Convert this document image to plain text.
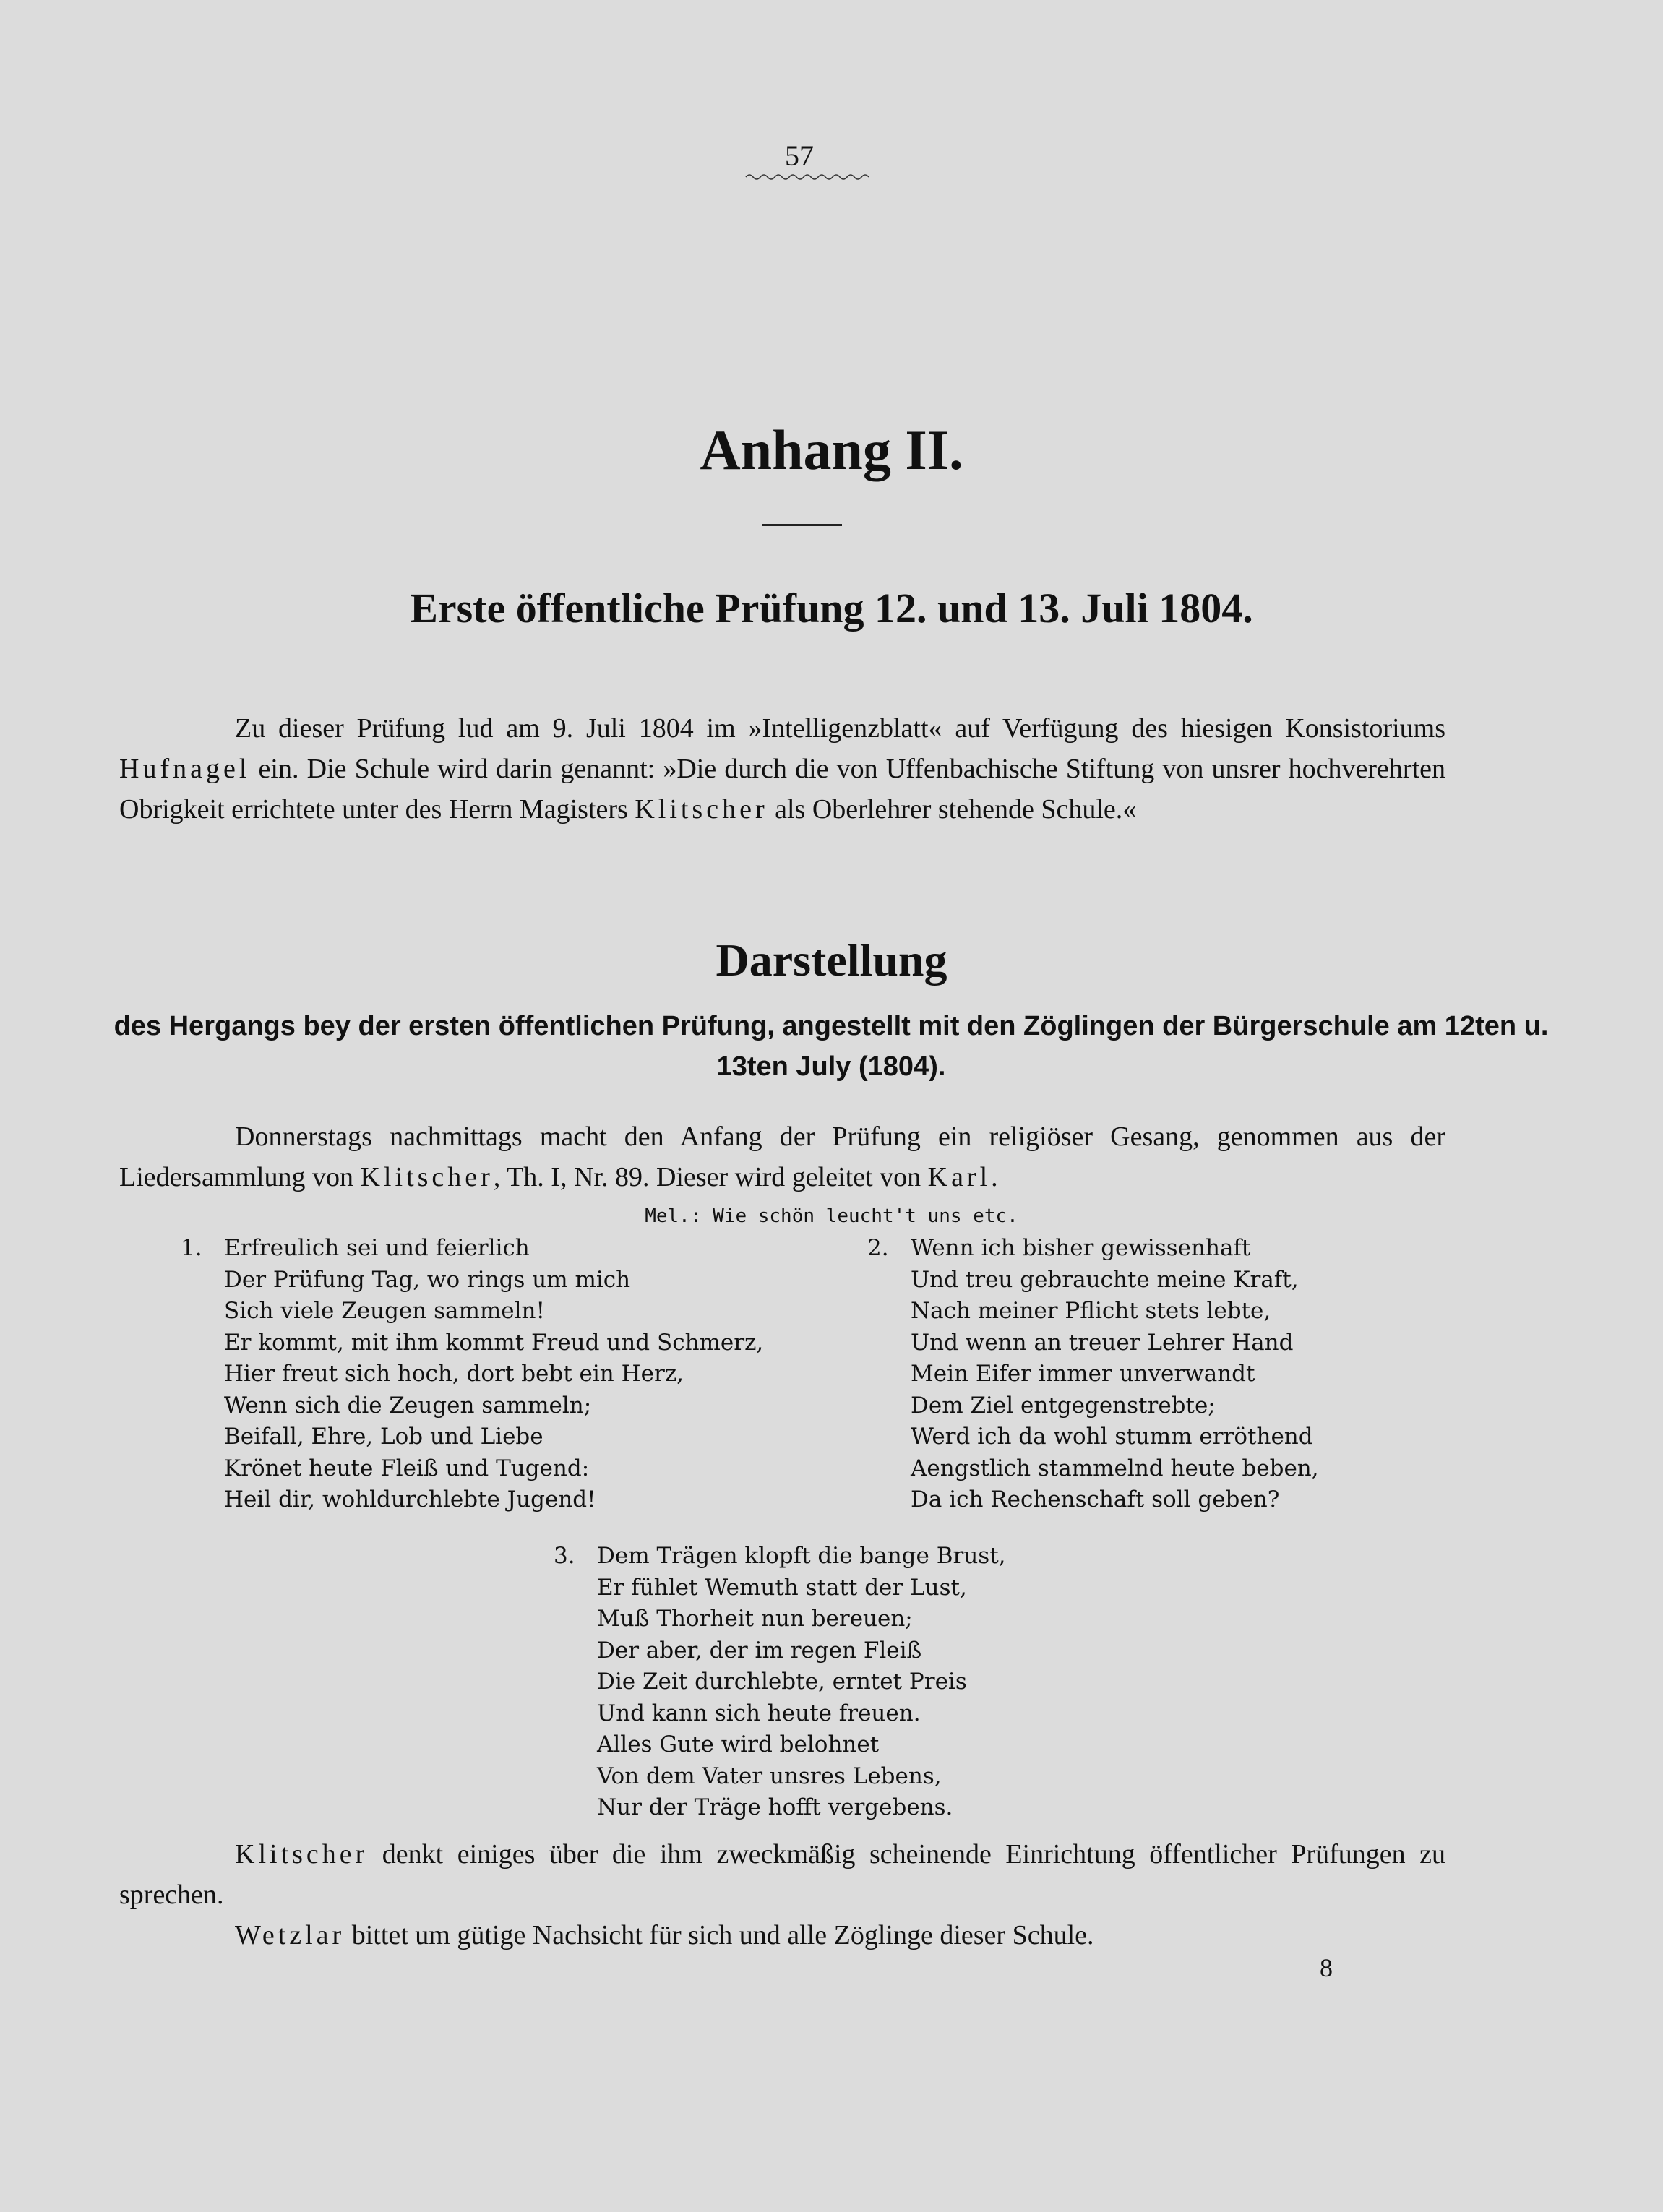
57
Anhang II.
Erste öffentliche Prüfung 12. und 13. Juli 1804.
Zu dieser Prüfung lud am 9. Juli 1804 im »Intelligenzblatt« auf Verfügung des hiesigen Konsistoriums Hufnagel ein. Die Schule wird darin genannt: »Die durch die von Uffenbachische Stiftung von unsrer hochverehrten Obrigkeit errichtete unter des Herrn Magisters Klitscher als Oberlehrer stehende Schule.«
Darstellung
des Hergangs bey der ersten öffentlichen Prüfung, angestellt mit den Zöglingen der Bürgerschule am 12ten u. 13ten July (1804).
Donnerstags nachmittags macht den Anfang der Prüfung ein religiöser Gesang, genommen aus der Liedersammlung von Klitscher, Th. I, Nr. 89. Dieser wird geleitet von Karl.
Mel.: Wie schön leucht't uns etc.
1. Erfreulich sei und feierlich
Der Prüfung Tag, wo rings um mich
Sich viele Zeugen sammeln!
Er kommt, mit ihm kommt Freud und Schmerz,
Hier freut sich hoch, dort bebt ein Herz,
Wenn sich die Zeugen sammeln;
Beifall, Ehre, Lob und Liebe
Krönet heute Fleiß und Tugend:
Heil dir, wohldurchlebte Jugend!
2. Wenn ich bisher gewissenhaft
Und treu gebrauchte meine Kraft,
Nach meiner Pflicht stets lebte,
Und wenn an treuer Lehrer Hand
Mein Eifer immer unverwandt
Dem Ziel entgegenstrebte;
Werd ich da wohl stumm erröthend
Aengstlich stammelnd heute beben,
Da ich Rechenschaft soll geben?
3. Dem Trägen klopft die bange Brust,
Er fühlet Wemuth statt der Lust,
Muß Thorheit nun bereuen;
Der aber, der im regen Fleiß
Die Zeit durchlebte, erntet Preis
Und kann sich heute freuen.
Alles Gute wird belohnet
Von dem Vater unsres Lebens,
Nur der Träge hofft vergebens.
Klitscher denkt einiges über die ihm zweckmäßig scheinende Einrichtung öffentlicher Prüfungen zu sprechen.
Wetzlar bittet um gütige Nachsicht für sich und alle Zöglinge dieser Schule.
8
